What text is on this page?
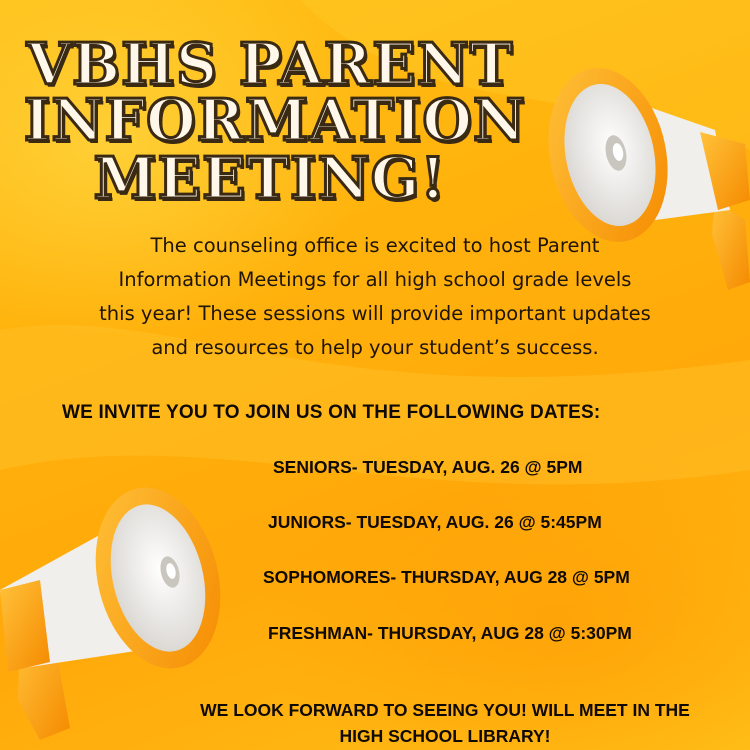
VBHS PARENT
INFORMATION
MEETING!
The counseling office is excited to host Parent
Information Meetings for all high school grade levels
this year! These sessions will provide important updates
and resources to help your student’s success.
WE INVITE YOU TO JOIN US ON THE FOLLOWING DATES:
SENIORS- TUESDAY, AUG. 26 @ 5PM
JUNIORS- TUESDAY, AUG. 26 @ 5:45PM
SOPHOMORES- THURSDAY, AUG 28 @ 5PM
FRESHMAN- THURSDAY, AUG 28 @ 5:30PM
WE LOOK FORWARD TO SEEING YOU! WILL MEET IN THE
HIGH SCHOOL LIBRARY!
